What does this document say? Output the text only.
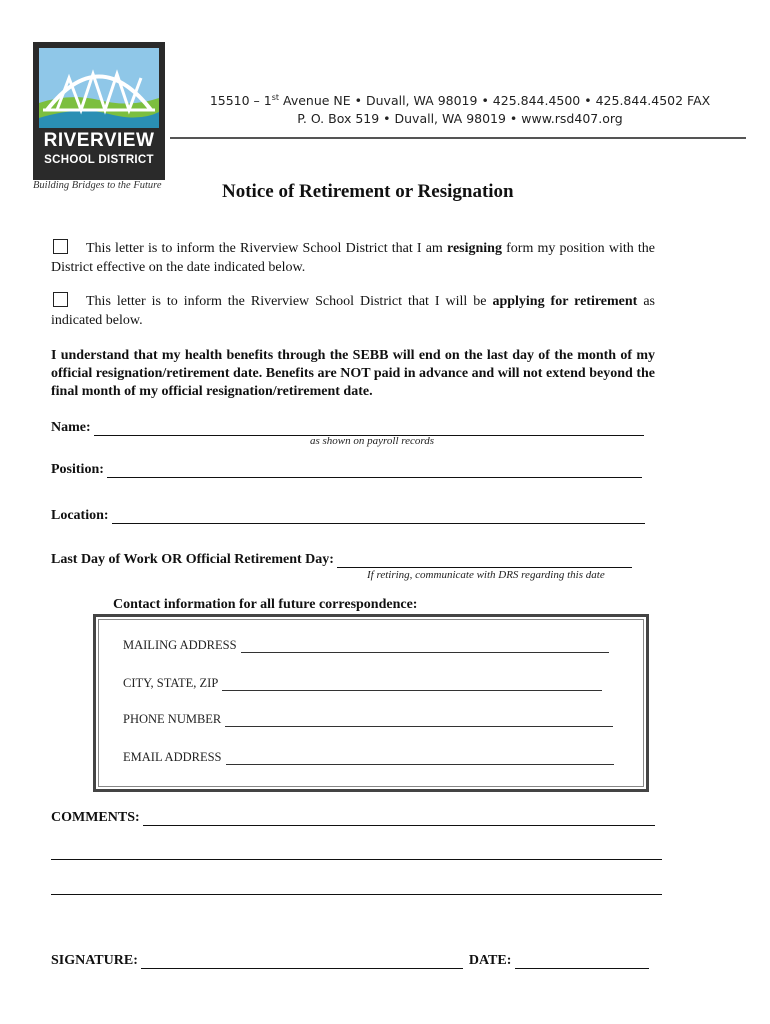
RIVERVIEW
SCHOOL DISTRICT
Building Bridges to the Future
15510 – 1st Avenue NE • Duvall, WA 98019 • 425.844.4500 • 425.844.4502 FAX
P. O. Box 519 • Duvall, WA 98019 • www.rsd407.org
Notice of Retirement or Resignation
This letter is to inform the Riverview School District that I am resigning form my position with the District effective on the date indicated below.
This letter is to inform the Riverview School District that I will be applying for retirement as indicated below.
I understand that my health benefits through the SEBB will end on the last day of the month of my official resignation/retirement date. Benefits are NOT paid in advance and will not extend beyond the final month of my official resignation/retirement date.
Name:
as shown on payroll records
Position:
Location:
Last Day of Work OR Official Retirement Day:
If retiring, communicate with DRS regarding this date
Contact information for all future correspondence:
MAILING ADDRESS
CITY, STATE, ZIP
PHONE NUMBER
EMAIL ADDRESS
COMMENTS:
SIGNATURE:	DATE:
